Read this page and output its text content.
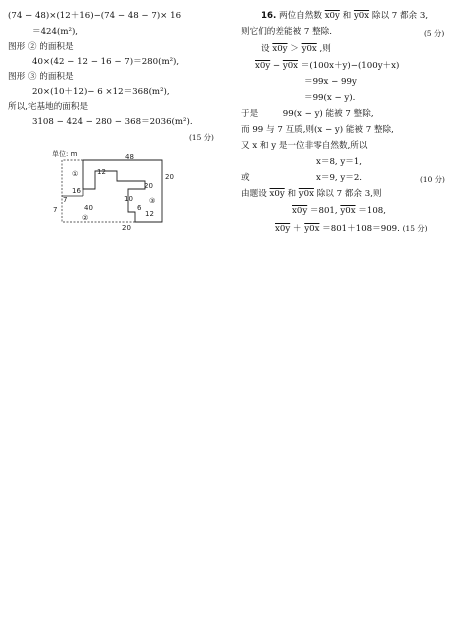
(74 − 48)×(12＋16)−(74 − 48 − 7)× 16
＝424(m²),
图形 ② 的面积是
40×(42 − 12 − 16 − 7)＝280(m²),
图形 ③ 的面积是
20×(10＋12)− 6 ×12＝368(m²),
所以,宅基地的面积是
3108 − 424 − 280 − 368＝2036(m²).
(15 分)
单位: m	48
①	12
16
7
7	40
②
20
20
10
6
③
12
20
16. 两位自然数 x0y 和 y0x 除以 7 都余 3,
则它们的差能被 7 整除.	(5 分)
设 x0y ＞ y0x ,则
x0y − y0x ＝(100x＋y)−(100y＋x)
＝99x − 99y
＝99(x − y).
于是         99(x − y) 能被 7 整除,
而 99 与 7 互质,则(x − y) 能被 7 整除,
又 x 和 y 是一位非零自然数,所以
x＝8, y＝1,
或	x＝9, y＝2.	(10 分)
由题设 x0y 和 y0x 除以 7 都余 3,则
x0y ＝801, y0x ＝108,
x0y ＋ y0x ＝801＋108＝909. (15 分)
